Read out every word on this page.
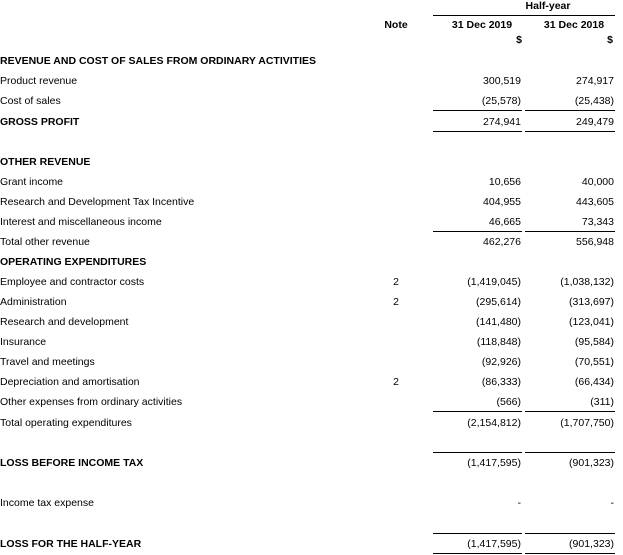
Half-year
Note	31 Dec 2019	31 Dec 2018
$	$
REVENUE AND COST OF SALES FROM ORDINARY ACTIVITIES
Product revenue	300,519	274,917
Cost of sales	(25,578)	(25,438)
GROSS PROFIT	274,941	249,479
OTHER REVENUE
Grant income	10,656	40,000
Research and Development Tax Incentive	404,955	443,605
Interest and miscellaneous income	46,665	73,343
Total other revenue	462,276	556,948
OPERATING EXPENDITURES
Employee and contractor costs	2	(1,419,045)	(1,038,132)
Administration	2	(295,614)	(313,697)
Research and development	(141,480)	(123,041)
Insurance	(118,848)	(95,584)
Travel and meetings	(92,926)	(70,551)
Depreciation and amortisation	2	(86,333)	(66,434)
Other expenses from ordinary activities	(566)	(311)
Total operating expenditures	(2,154,812)	(1,707,750)
LOSS BEFORE INCOME TAX	(1,417,595)	(901,323)
Income tax expense	-	-
LOSS FOR THE HALF-YEAR	(1,417,595)	(901,323)
